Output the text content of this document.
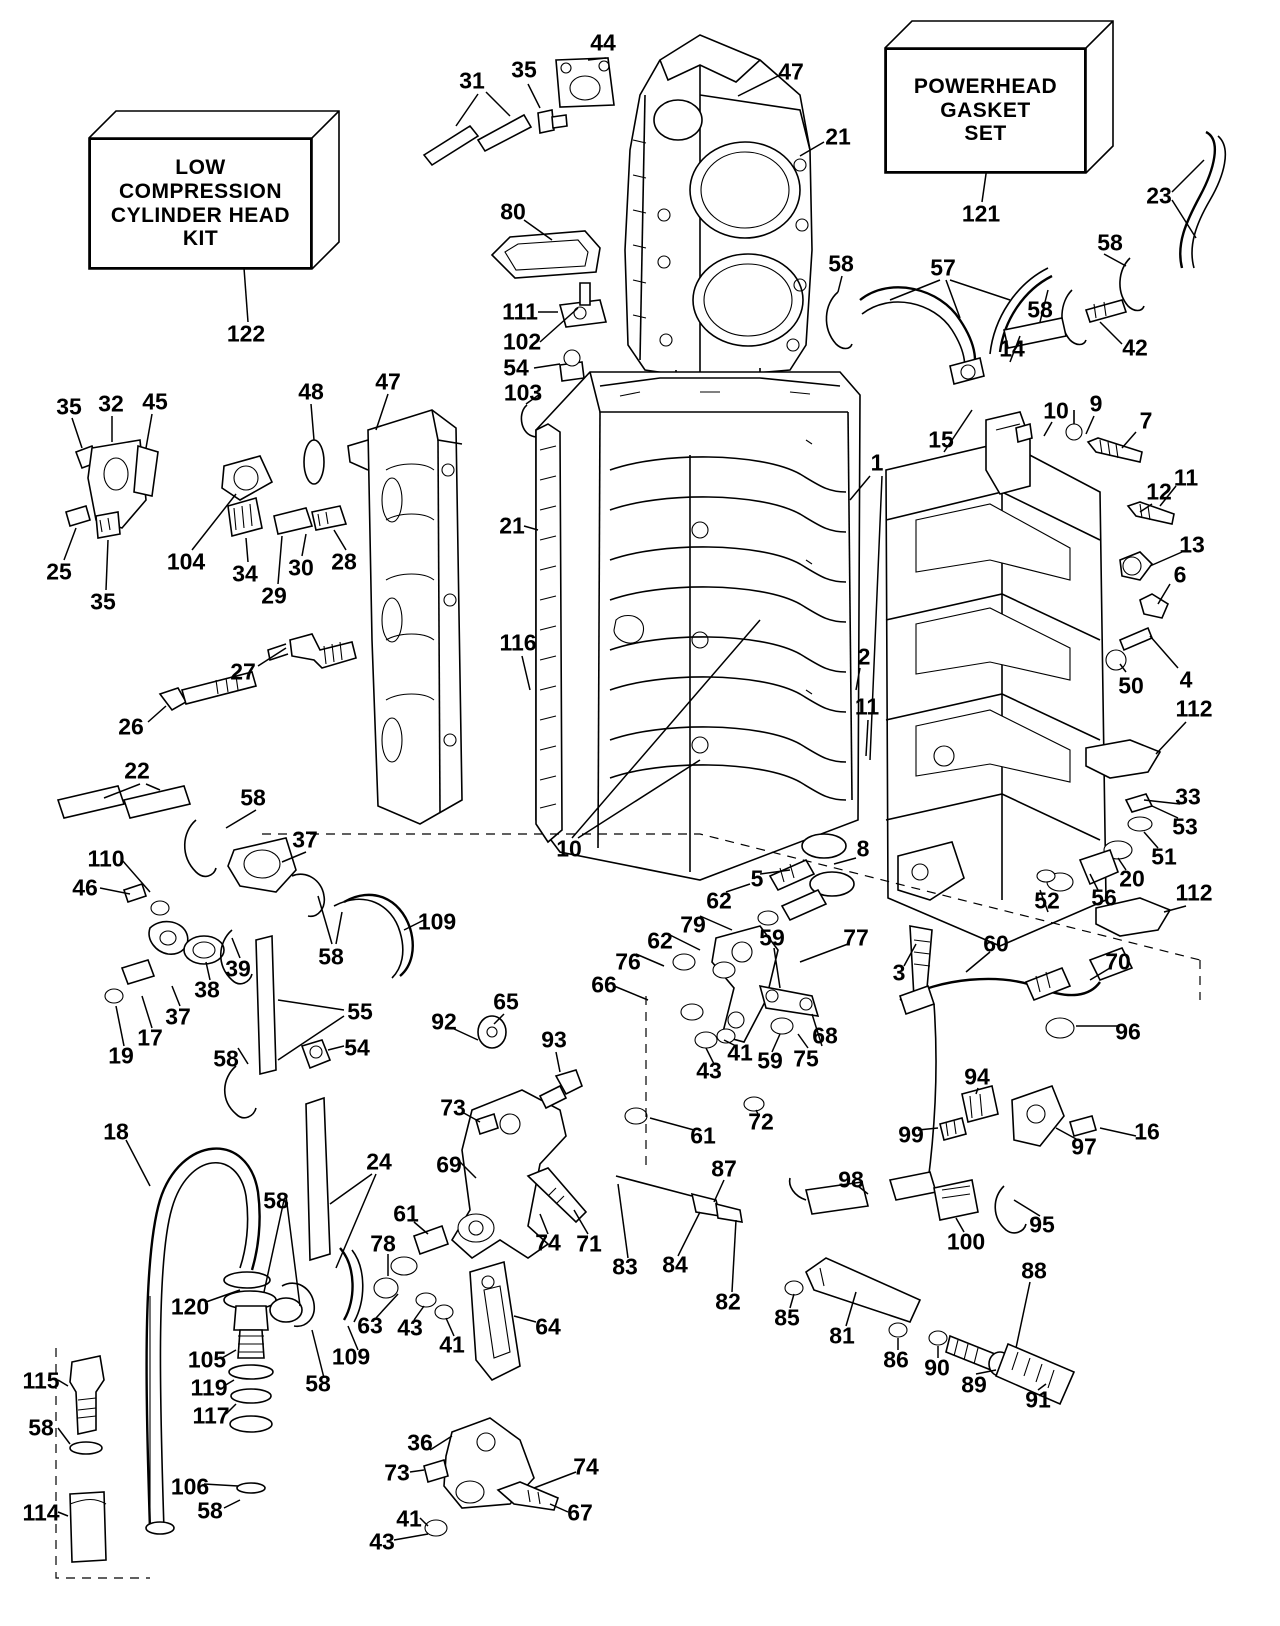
LOW
COMPRESSION
CYLINDER HEAD
KIT
POWERHEAD
GASKET
SET
31 35
44
47
21
23
58
80
111
102
54
103
58	57
58
14	42
121
122
15
10 9
7
11
12
13
6
4
50
112
35 32 45	48 47
25
35
104 34
29
30 28
21
1
2
11
116
27
26
10
22
58
37
110
46
109
58
39
38
37
17
19
55
58	54
5
8
62
79
62
76
66
59	77
3
60
70
52 56
20
51
53
33
112
96
94
99	97
16
95
100
98
92
65
93
73
41
43 59 75
68
72
61
69
74 71
87
83 84
82
85
81
86 90
89
88
91
18
58
24
61
78
63 43
41
64
109
58
120
105
119
117
106
58
115
58
114
36
73	74
67
41
43
